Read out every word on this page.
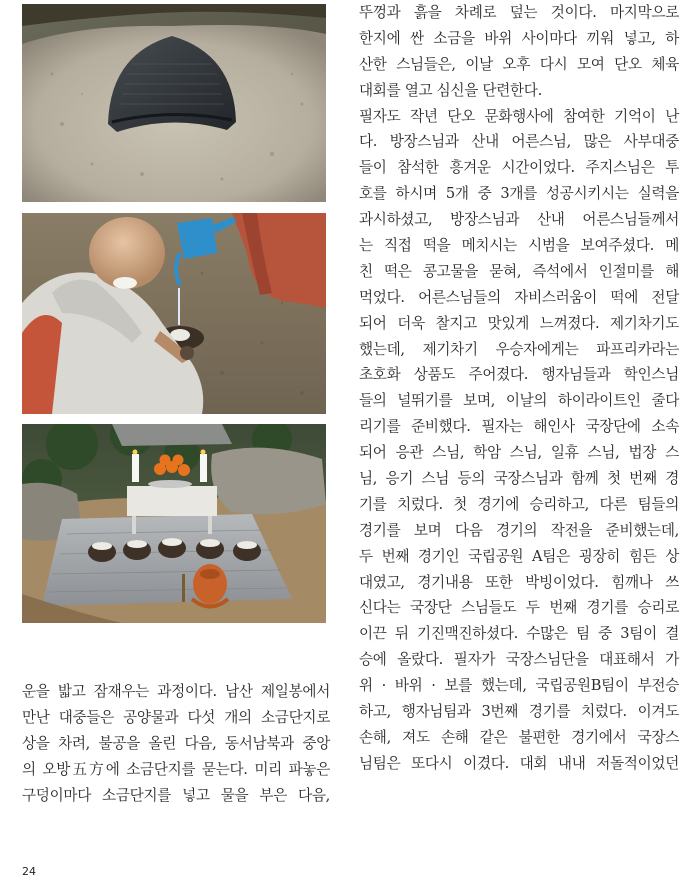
운을 밟고 잠재우는 과정이다. 남산 제일봉에서

만난 대중들은 공양물과 다섯 개의 소금단지로

상을 차려, 불공을 올린 다음, 동서남북과 중앙

의 오방五方에 소금단지를 묻는다. 미리 파놓은

구덩이마다 소금단지를 넣고 물을 부은 다음,

뚜껑과 흙을 차례로 덮는 것이다. 마지막으로

한지에 싼 소금을 바위 사이마다 끼워 넣고, 하

산한 스님들은, 이날 오후 다시 모여 단오 체육

대회를 열고 심신을 단련한다.

필자도 작년 단오 문화행사에 참여한 기억이 난

다. 방장스님과 산내 어른스님, 많은 사부대중

들이 참석한 흥겨운 시간이었다. 주지스님은 투

호를 하시며 5개 중 3개를 성공시키시는 실력을

과시하셨고, 방장스님과 산내 어른스님들께서

는 직접 떡을 메치시는 시범을 보여주셨다. 메

친 떡은 콩고물을 묻혀, 즉석에서 인절미를 해

먹었다. 어른스님들의 자비스러움이 떡에 전달

되어 더욱 찰지고 맛있게 느껴졌다. 제기차기도

했는데, 제기차기 우승자에게는 파프리카라는

초호화 상품도 주어졌다. 행자님들과 학인스님

들의 널뛰기를 보며, 이날의 하이라이트인 줄다

리기를 준비했다. 필자는 해인사 국장단에 소속

되어 응관 스님, 학암 스님, 일휴 스님, 법장 스

님, 응기 스님 등의 국장스님과 함께 첫 번째 경

기를 치렀다. 첫 경기에 승리하고, 다른 팀들의

경기를 보며 다음 경기의 작전을 준비했는데,

두 번째 경기인 국립공원 A팀은 굉장히 힘든 상

대였고, 경기내용 또한 박빙이었다. 힘깨나 쓰

신다는 국장단 스님들도 두 번째 경기를 승리로

이끈 뒤 기진맥진하셨다. 수많은 팀 중 3팀이 결

승에 올랐다. 필자가 국장스님단을 대표해서 가

위 · 바위 · 보를 했는데, 국립공원B팀이 부전승

하고, 행자님팀과 3번째 경기를 치렀다. 이겨도

손해, 져도 손해 같은 불편한 경기에서 국장스

님팀은 또다시 이겼다. 대회 내내 저돌적이었던

24
